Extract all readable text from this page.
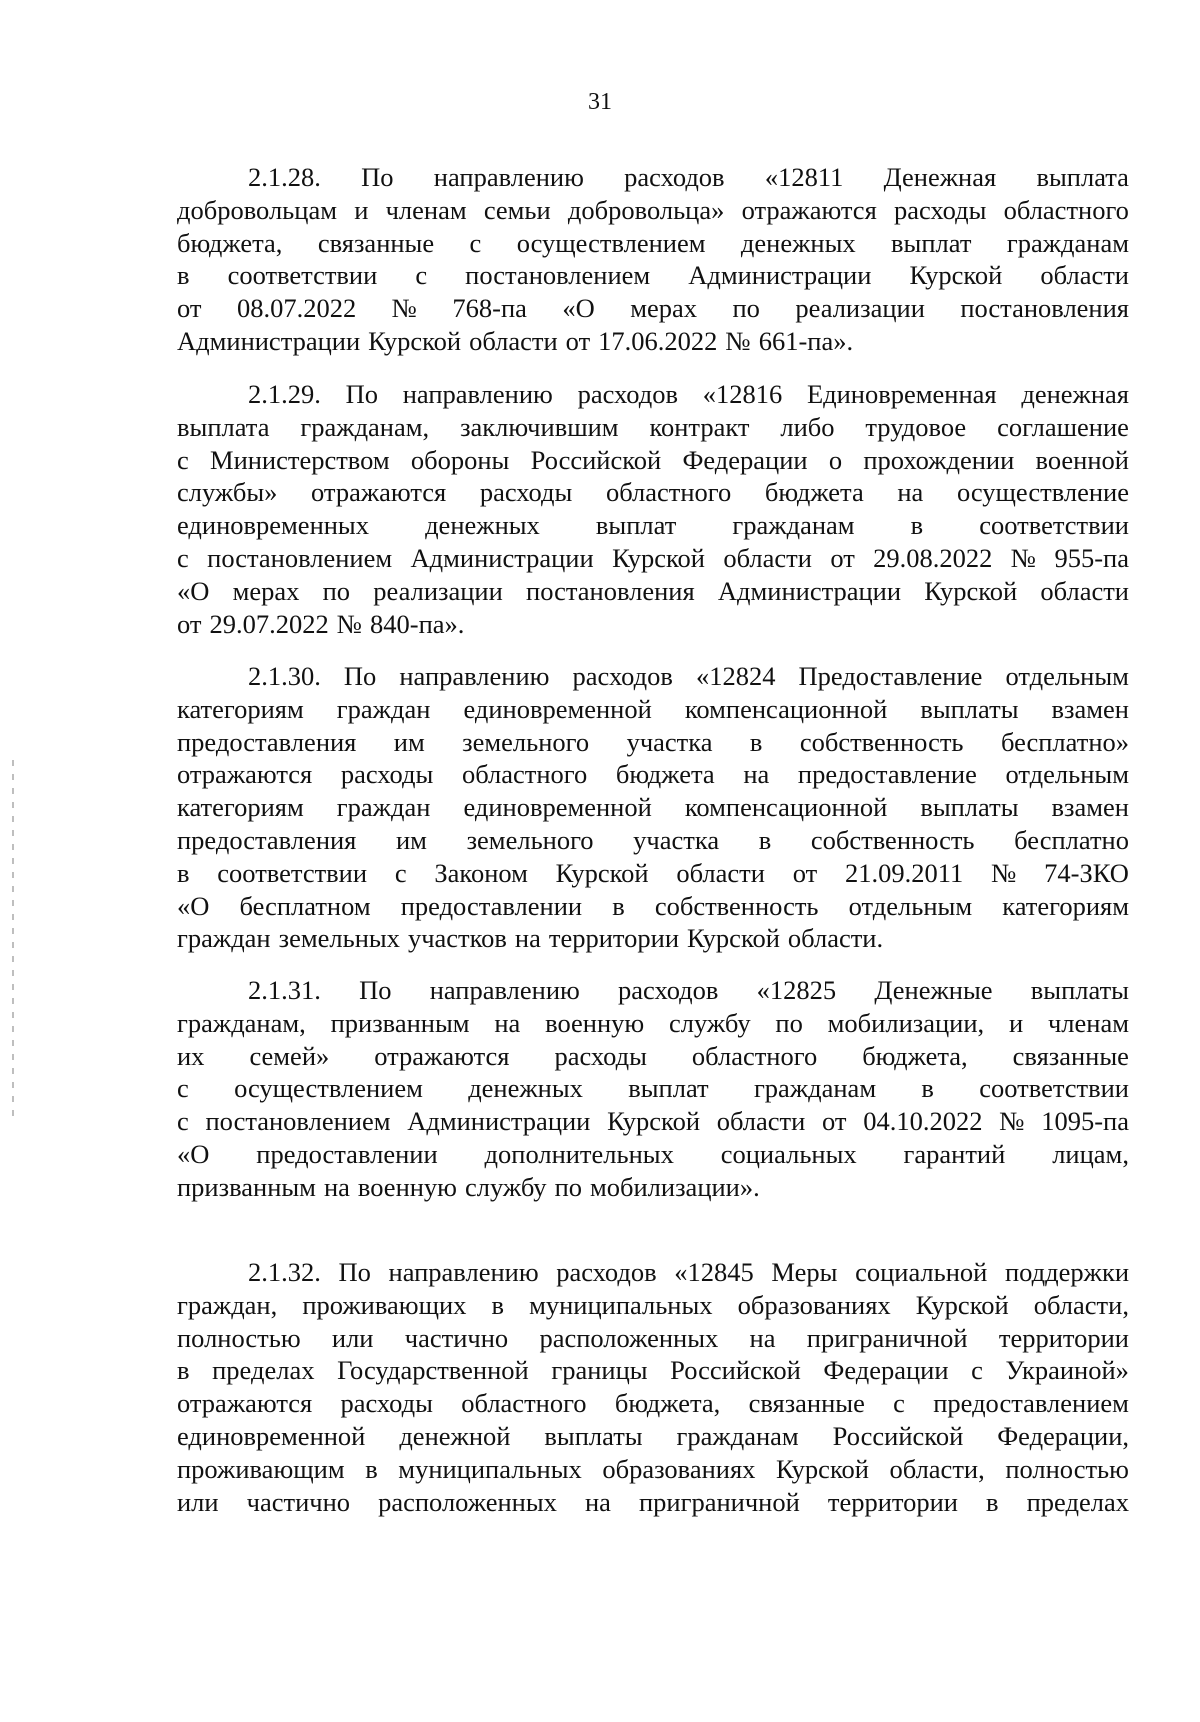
31
2.1.28. По направлению расходов «12811 Денежная выплата
добровольцам и членам семьи добровольца» отражаются расходы областного
бюджета, связанные с осуществлением денежных выплат гражданам
в соответствии с постановлением Администрации Курской области
от 08.07.2022 № 768-па «О мерах по реализации постановления
Администрации Курской области от 17.06.2022 № 661-па».
2.1.29. По направлению расходов «12816 Единовременная денежная
выплата гражданам, заключившим контракт либо трудовое соглашение
с Министерством обороны Российской Федерации о прохождении военной
службы» отражаются расходы областного бюджета на осуществление
единовременных денежных выплат гражданам в соответствии
с постановлением Администрации Курской области от 29.08.2022 № 955-па
«О мерах по реализации постановления Администрации Курской области
от 29.07.2022 № 840-па».
2.1.30. По направлению расходов «12824 Предоставление отдельным
категориям граждан единовременной компенсационной выплаты взамен
предоставления им земельного участка в собственность бесплатно»
отражаются расходы областного бюджета на предоставление отдельным
категориям граждан единовременной компенсационной выплаты взамен
предоставления им земельного участка в собственность бесплатно
в соответствии с Законом Курской области от 21.09.2011 № 74-ЗКО
«О бесплатном предоставлении в собственность отдельным категориям
граждан земельных участков на территории Курской области.
2.1.31. По направлению расходов «12825 Денежные выплаты
гражданам, призванным на военную службу по мобилизации, и членам
их семей» отражаются расходы областного бюджета, связанные
с осуществлением денежных выплат гражданам в соответствии
с постановлением Администрации Курской области от 04.10.2022 № 1095-па
«О предоставлении дополнительных социальных гарантий лицам,
призванным на военную службу по мобилизации».
2.1.32. По направлению расходов «12845 Меры социальной поддержки
граждан, проживающих в муниципальных образованиях Курской области,
полностью или частично расположенных на приграничной территории
в пределах Государственной границы Российской Федерации с Украиной»
отражаются расходы областного бюджета, связанные с предоставлением
единовременной денежной выплаты гражданам Российской Федерации,
проживающим в муниципальных образованиях Курской области, полностью
или частично расположенных на приграничной территории в пределах
